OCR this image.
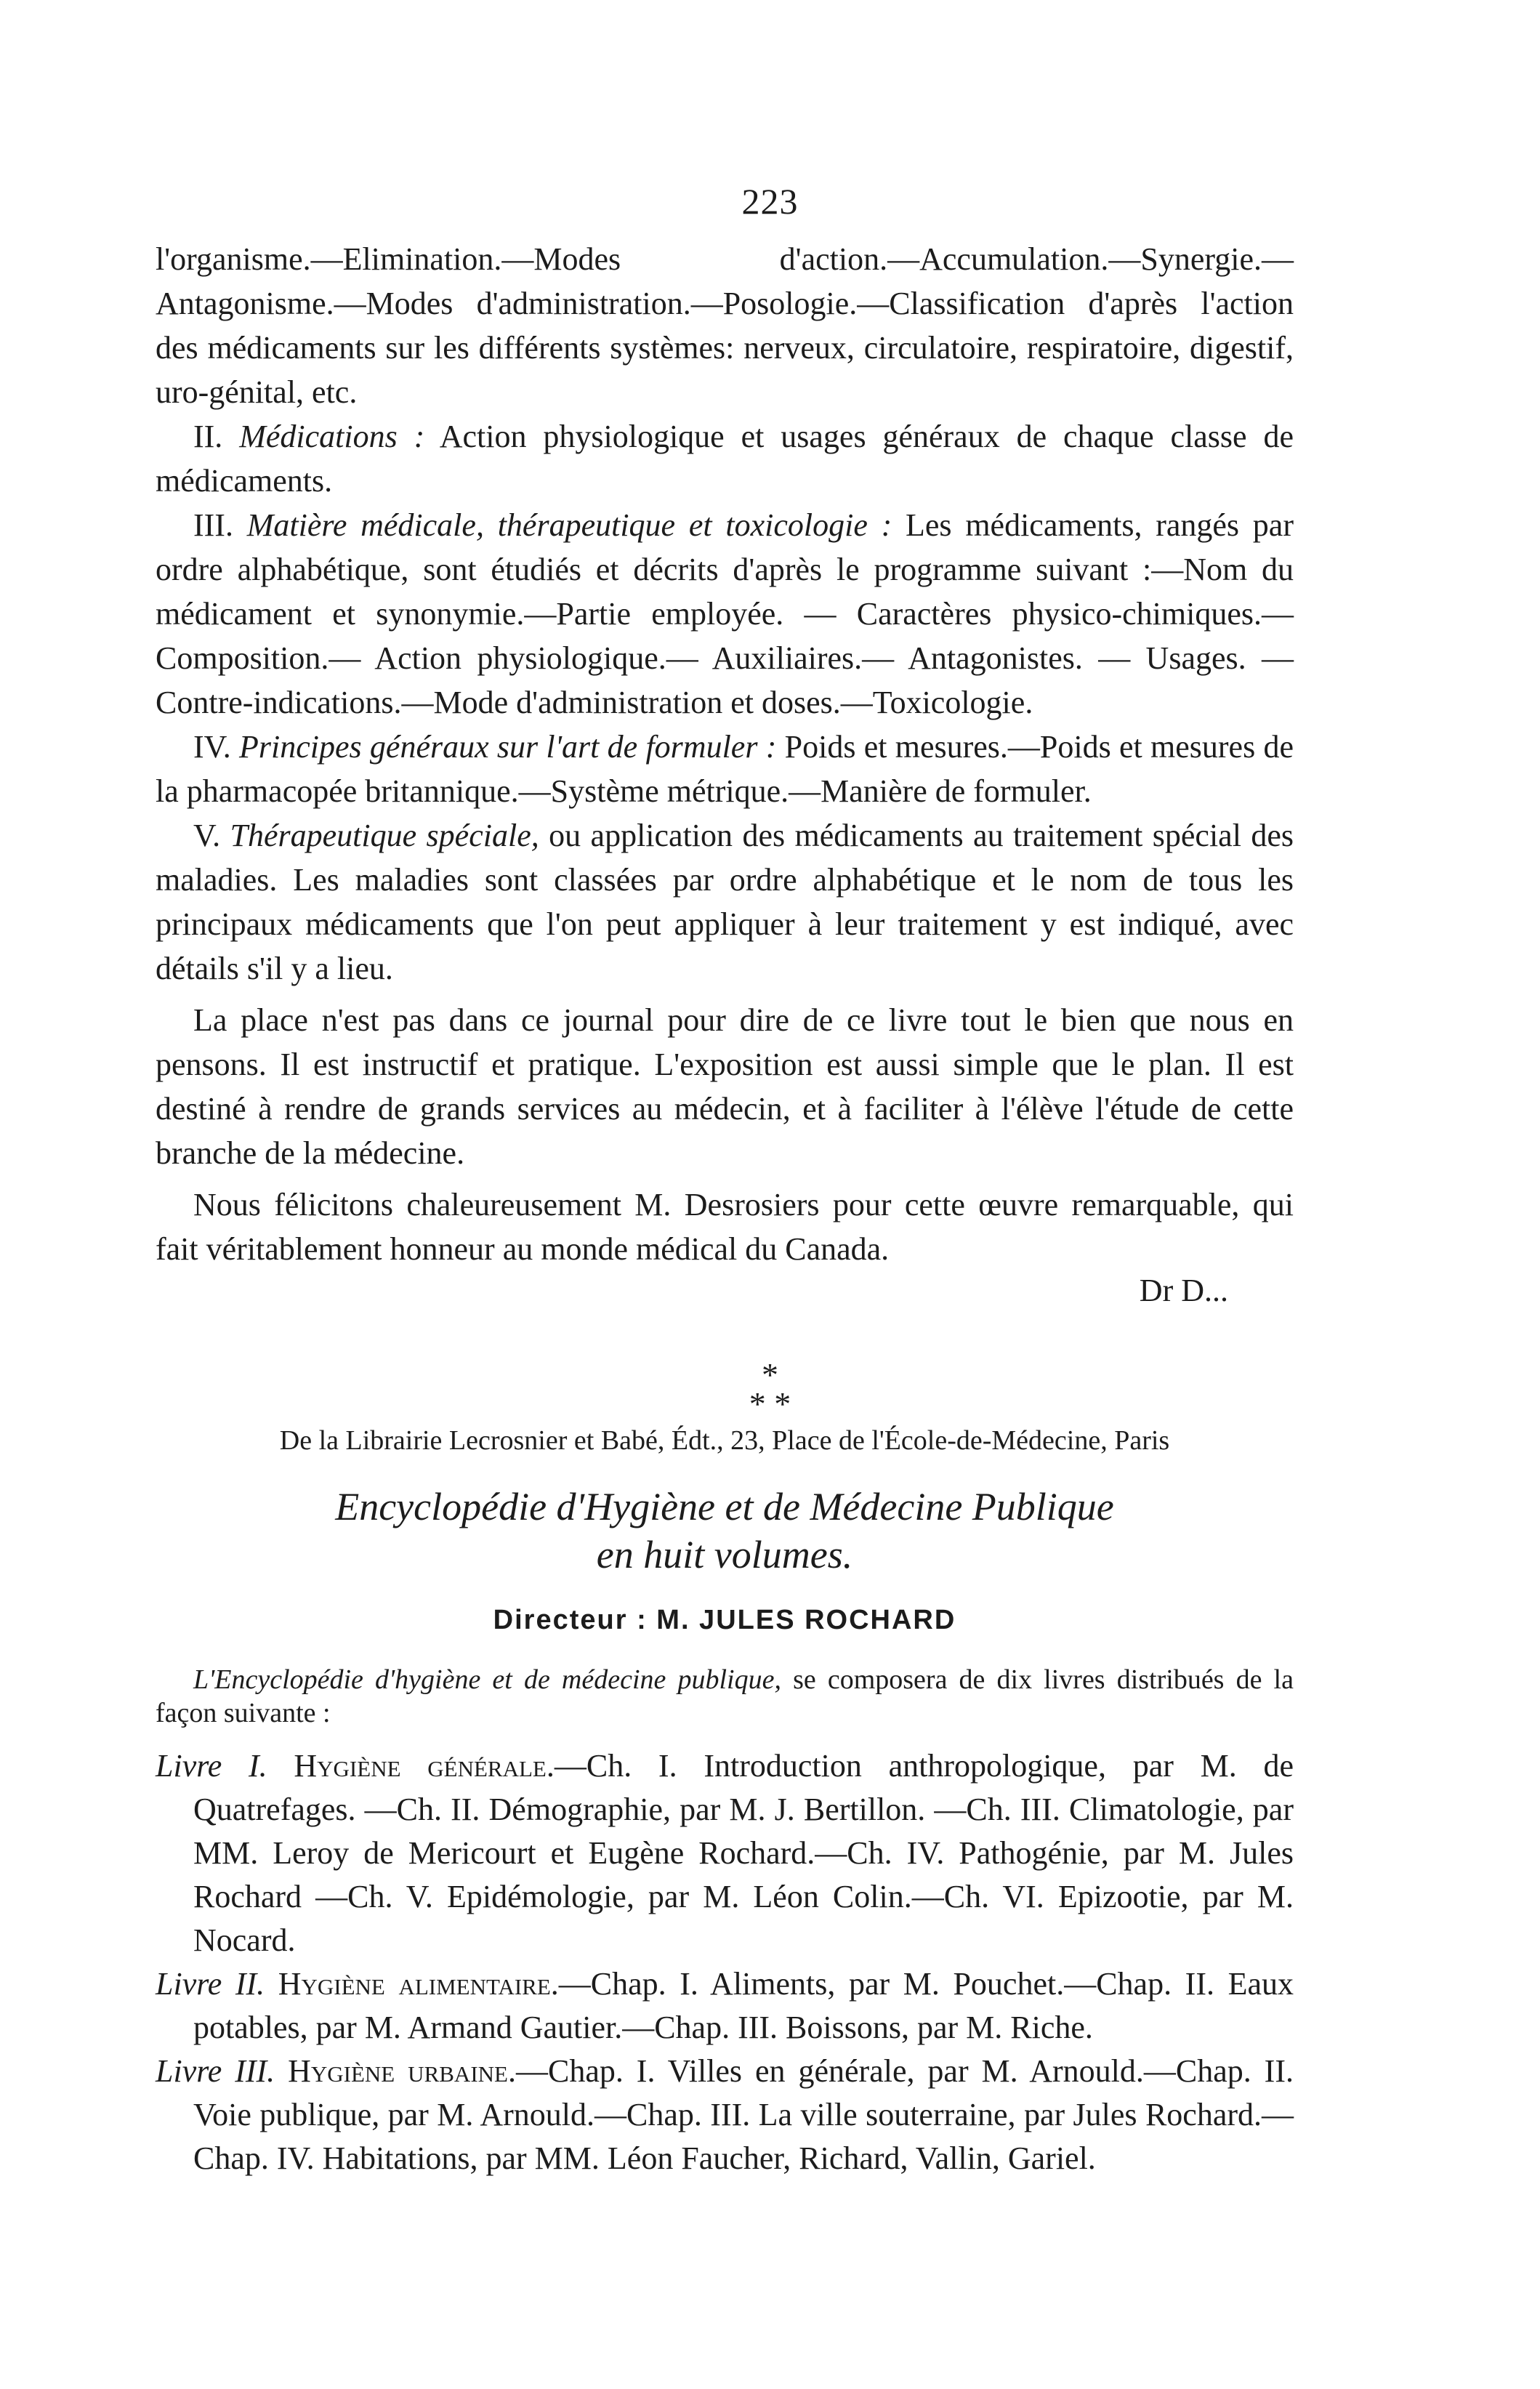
223

l'organisme.—Elimination.—Modes d'action.—Accumulation.—Synergie.—Antagonisme.—Modes d'administration.—Posologie.—Classification d'après l'action des médicaments sur les différents systèmes: nerveux, circulatoire, respiratoire, digestif, uro-génital, etc.

II. Médications : Action physiologique et usages généraux de chaque classe de médicaments.

III. Matière médicale, thérapeutique et toxicologie : Les médicaments, rangés par ordre alphabétique, sont étudiés et décrits d'après le programme suivant :—Nom du médicament et synonymie.—Partie employée. — Caractères physico-chimiques.— Composition.— Action physiologique.— Auxiliaires.— Antagonistes. — Usages. — Contre-indications.—Mode d'administration et doses.—Toxicologie.

IV. Principes généraux sur l'art de formuler : Poids et mesures.—Poids et mesures de la pharmacopée britannique.—Système métrique.—Manière de formuler.

V. Thérapeutique spéciale, ou application des médicaments au traitement spécial des maladies. Les maladies sont classées par ordre alphabétique et le nom de tous les principaux médicaments que l'on peut appliquer à leur traitement y est indiqué, avec détails s'il y a lieu.

La place n'est pas dans ce journal pour dire de ce livre tout le bien que nous en pensons. Il est instructif et pratique. L'exposition est aussi simple que le plan. Il est destiné à rendre de grands services au médecin, et à faciliter à l'élève l'étude de cette branche de la médecine.

Nous félicitons chaleureusement M. Desrosiers pour cette œuvre remarquable, qui fait véritablement honneur au monde médical du Canada.

Dr D...
*
* *
De la Librairie Lecrosnier et Babé, Édt., 23, Place de l'École-de-Médecine, Paris
Encyclopédie d'Hygiène et de Médecine Publique
en huit volumes.
Directeur : M. JULES ROCHARD

L'Encyclopédie d'hygiène et de médecine publique, se composera de dix livres distribués de la façon suivante :

Livre I. Hygiène générale.—Ch. I. Introduction anthropologique, par M. de Quatrefages. —Ch. II. Démographie, par M. J. Bertillon. —Ch. III. Climatologie, par MM. Leroy de Mericourt et Eugène Rochard.—Ch. IV. Pathogénie, par M. Jules Rochard —Ch. V. Epidémologie, par M. Léon Colin.—Ch. VI. Epizootie, par M. Nocard.

Livre II. Hygiène alimentaire.—Chap. I. Aliments, par M. Pouchet.—Chap. II. Eaux potables, par M. Armand Gautier.—Chap. III. Boissons, par M. Riche.

Livre III. Hygiène urbaine.—Chap. I. Villes en générale, par M. Arnould.—Chap. II. Voie publique, par M. Arnould.—Chap. III. La ville souterraine, par Jules Rochard.—Chap. IV. Habitations, par MM. Léon Faucher, Richard, Vallin, Gariel.
